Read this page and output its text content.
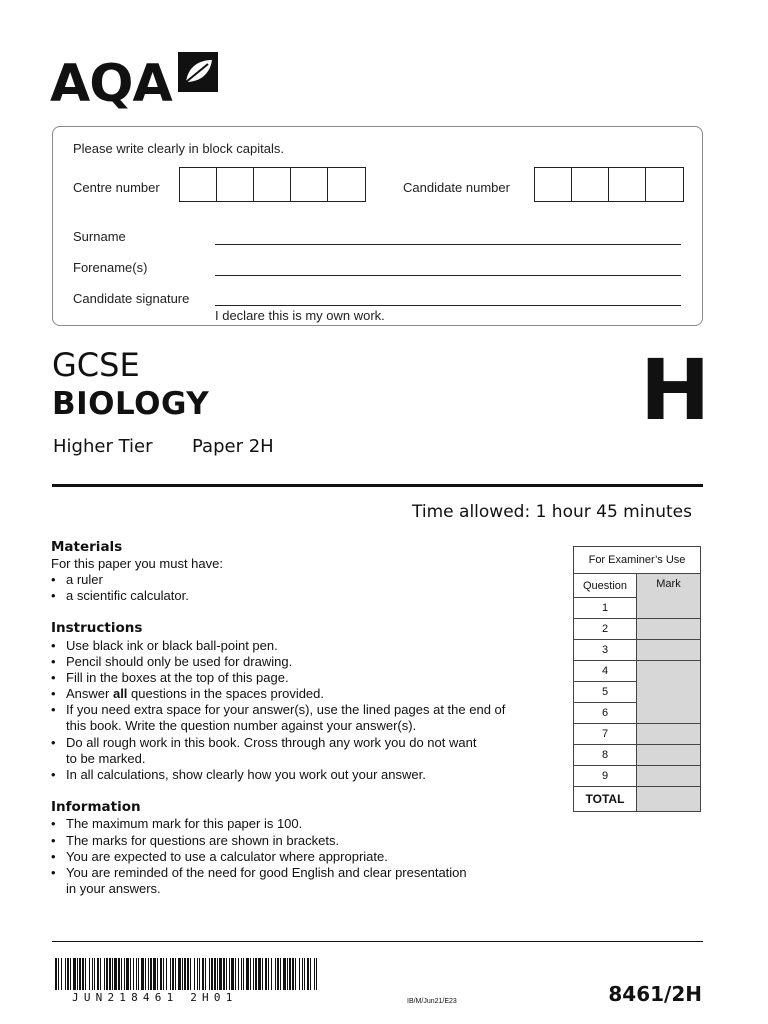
AQA
Please write clearly in block capitals.
Centre number	Candidate number
Surname
Forename(s)
Candidate signature
I declare this is my own work.
GCSE
BIOLOGY
Higher Tier Paper 2H
H
Time allowed: 1 hour 45 minutes
Materials
For this paper you must have:
• a ruler
• a scientific calculator.
Instructions
• Use black ink or black ball-point pen.
• Pencil should only be used for drawing.
• Fill in the boxes at the top of this page.
• Answer all questions in the spaces provided.
• If you need extra space for your answer(s), use the lined pages at the end of
this book. Write the question number against your answer(s).
• Do all rough work in this book. Cross through any work you do not want
to be marked.
• In all calculations, show clearly how you work out your answer.
Information
• The maximum mark for this paper is 100.
• The marks for questions are shown in brackets.
• You are expected to use a calculator where appropriate.
• You are reminded of the need for good English and clear presentation
in your answers.
For Examiner’s Use	
Question	Mark
1	
2	
3	
4	
5	
6	
7	
8	
9	
TOTAL	
JUN218461 2H01	IB/M/Jun21/E23	8461/2H
